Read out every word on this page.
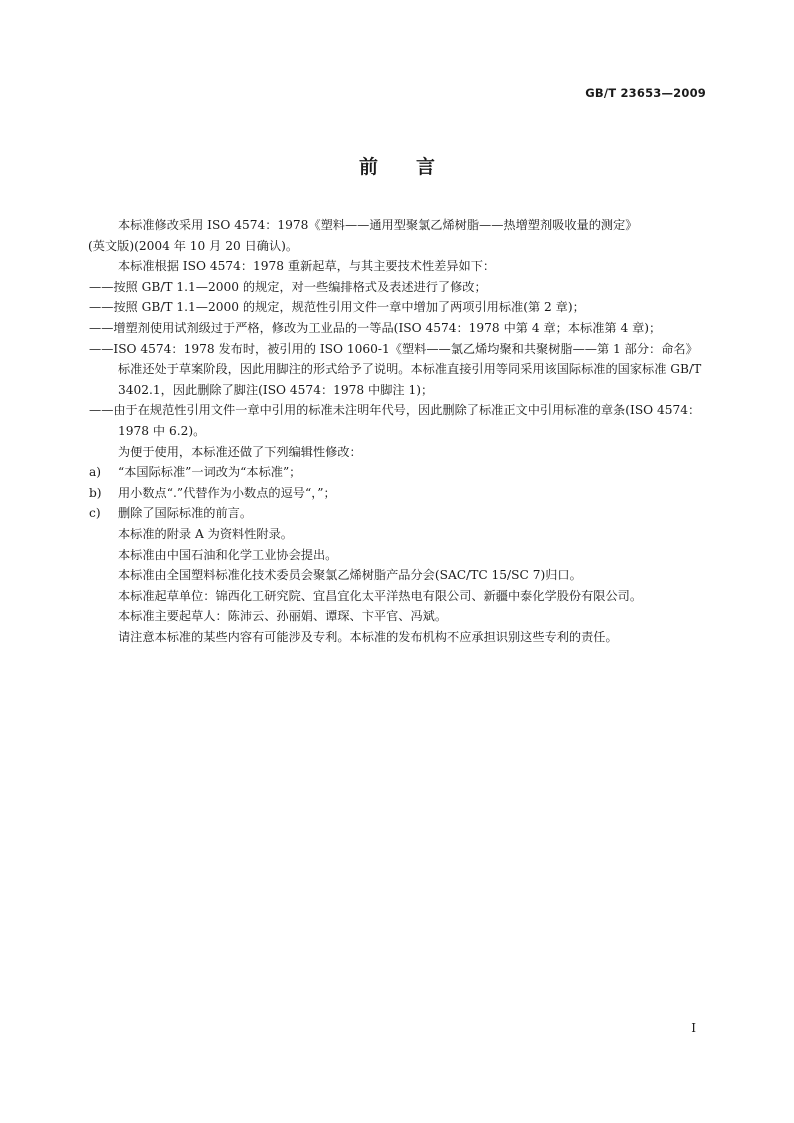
GB/T 23653—2009
前言

本标准修改采用 ISO 4574：1978《塑料——通用型聚氯乙烯树脂——热增塑剂吸收量的测定》

(英文版)(2004 年 10 月 20 日确认)。

本标准根据 ISO 4574：1978 重新起草，与其主要技术性差异如下：

——按照 GB/T 1.1—2000 的规定，对一些编排格式及表述进行了修改；

——按照 GB/T 1.1—2000 的规定，规范性引用文件一章中增加了两项引用标准(第 2 章)；

——增塑剂使用试剂级过于严格，修改为工业品的一等品(ISO 4574：1978 中第 4 章；本标准第 4 章)；

——ISO 4574：1978 发布时，被引用的 ISO 1060-1《塑料——氯乙烯均聚和共聚树脂——第 1 部分：命名》标准还处于草案阶段，因此用脚注的形式给予了说明。本标准直接引用等同采用该国际标准的国家标准 GB/T 3402.1，因此删除了脚注(ISO 4574：1978 中脚注 1)；

——由于在规范性引用文件一章中引用的标准未注明年代号，因此删除了标准正文中引用标准的章条(ISO 4574：1978 中 6.2)。

为便于使用，本标准还做了下列编辑性修改：

a) “本国际标准”一词改为“本标准”；

b) 用小数点“.”代替作为小数点的逗号“，”；

c) 删除了国际标准的前言。

本标准的附录 A 为资料性附录。

本标准由中国石油和化学工业协会提出。

本标准由全国塑料标准化技术委员会聚氯乙烯树脂产品分会(SAC/TC 15/SC 7)归口。

本标准起草单位：锦西化工研究院、宜昌宜化太平洋热电有限公司、新疆中泰化学股份有限公司。

本标准主要起草人：陈沛云、孙丽娟、谭琛、卞平官、冯斌。

请注意本标准的某些内容有可能涉及专利。本标准的发布机构不应承担识别这些专利的责任。

I
